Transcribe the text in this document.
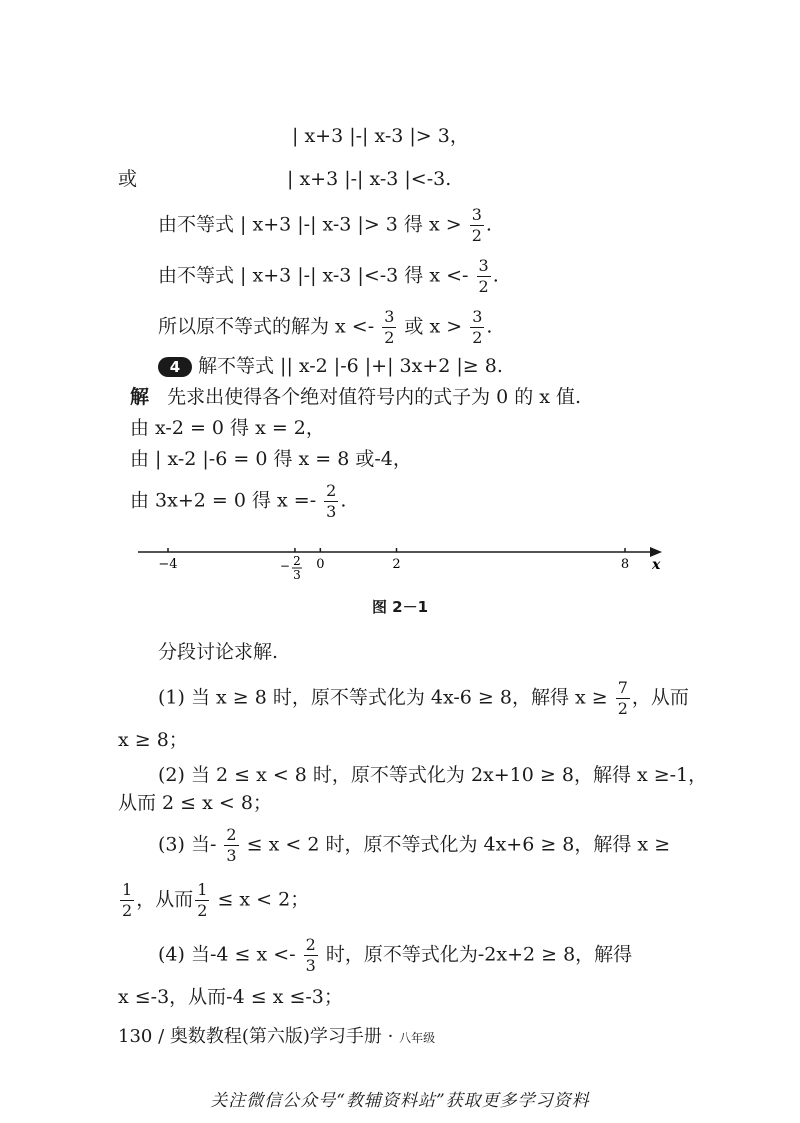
| x+3 |-| x-3 |> 3，
或	| x+3 |-| x-3 |<-3.
由不等式 | x+3 |-| x-3 |> 3 得 $x > \frac{3}{2}$ .
由不等式 | x+3 |-| x-3 |<-3 得 $x <- \frac{3}{2}$ .
所以原不等式的解为 $x <- \frac{3}{2}$ 或 $x > \frac{3}{2}$ .
4 解不等式 || x-2 |-6 |+| 3x+2 |≥ 8.
解 先求出使得各个绝对值符号内的式子为 0 的 x 值.
由 x-2 = 0 得 x = 2，
由 | x-2 |-6 = 0 得 x = 8 或-4，
由 3x+2 = 0 得 $x =- \frac{2}{3}$ .
−4	− 2
3
0	2	8 x
图 2－1
分段讨论求解.
(1) 当 x ≥ 8 时，原不等式化为 4x-6 ≥ 8，解得 $x \ge \frac{7}{2}$ ，从而
x ≥ 8；
(2) 当 2 ≤ x < 8 时，原不等式化为 2x+10 ≥ 8，解得 x ≥-1，
从而 2 ≤ x < 8；
(3) 当- $\frac{2}{3} \le x < 2$ 时，原不等式化为 4x+6 ≥ 8，解得 x ≥
$\frac{1}{2}$ ，从而 $\frac{1}{2} \le x < 2$；
(4) 当$-4 \le x <- \frac{2}{3}$ 时，原不等式化为-2x+2 ≥ 8，解得
x ≤-3，从而-4 ≤ x ≤-3；
130 / 奥数教程(第六版)学习手册 · 八年级
关注微信公众号“教辅资料站”获取更多学习资料
